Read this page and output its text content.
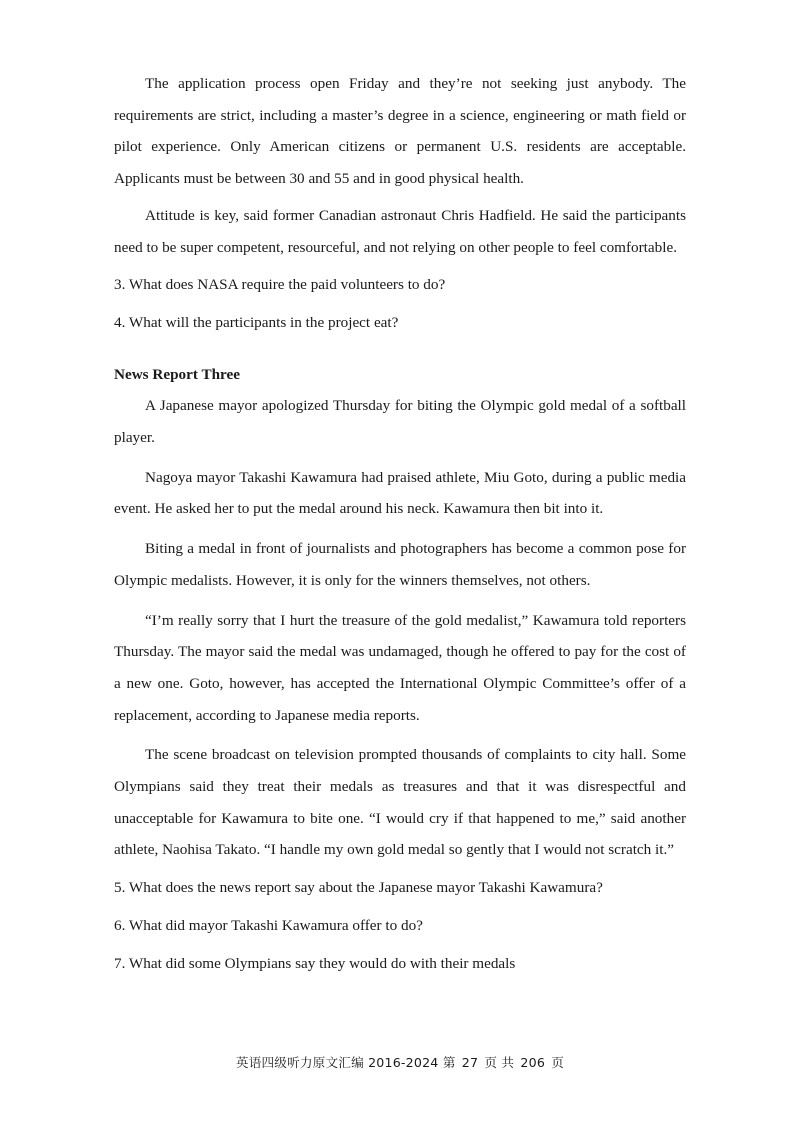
The application process open Friday and they’re not seeking just anybody. The requirements are strict, including a master’s degree in a science, engineering or math field or pilot experience. Only American citizens or permanent U.S. residents are acceptable. Applicants must be between 30 and 55 and in good physical health.

Attitude is key, said former Canadian astronaut Chris Hadfield. He said the participants need to be super competent, resourceful, and not relying on other people to feel comfortable.

3. What does NASA require the paid volunteers to do?

4. What will the participants in the project eat?

News Report Three

A Japanese mayor apologized Thursday for biting the Olympic gold medal of a softball player.

Nagoya mayor Takashi Kawamura had praised athlete, Miu Goto, during a public media event. He asked her to put the medal around his neck. Kawamura then bit into it.

Biting a medal in front of journalists and photographers has become a common pose for Olympic medalists. However, it is only for the winners themselves, not others.

“I’m really sorry that I hurt the treasure of the gold medalist,” Kawamura told reporters Thursday. The mayor said the medal was undamaged, though he offered to pay for the cost of a new one. Goto, however, has accepted the International Olympic Committee’s offer of a replacement, according to Japanese media reports.

The scene broadcast on television prompted thousands of complaints to city hall. Some Olympians said they treat their medals as treasures and that it was disrespectful and unacceptable for Kawamura to bite one. “I would cry if that happened to me,” said another athlete, Naohisa Takato. “I handle my own gold medal so gently that I would not scratch it.”

5. What does the news report say about the Japanese mayor Takashi Kawamura?

6. What did mayor Takashi Kawamura offer to do?

7. What did some Olympians say they would do with their medals

英语四级听力原文汇编 2016-2024 第 27 页 共 206 页
